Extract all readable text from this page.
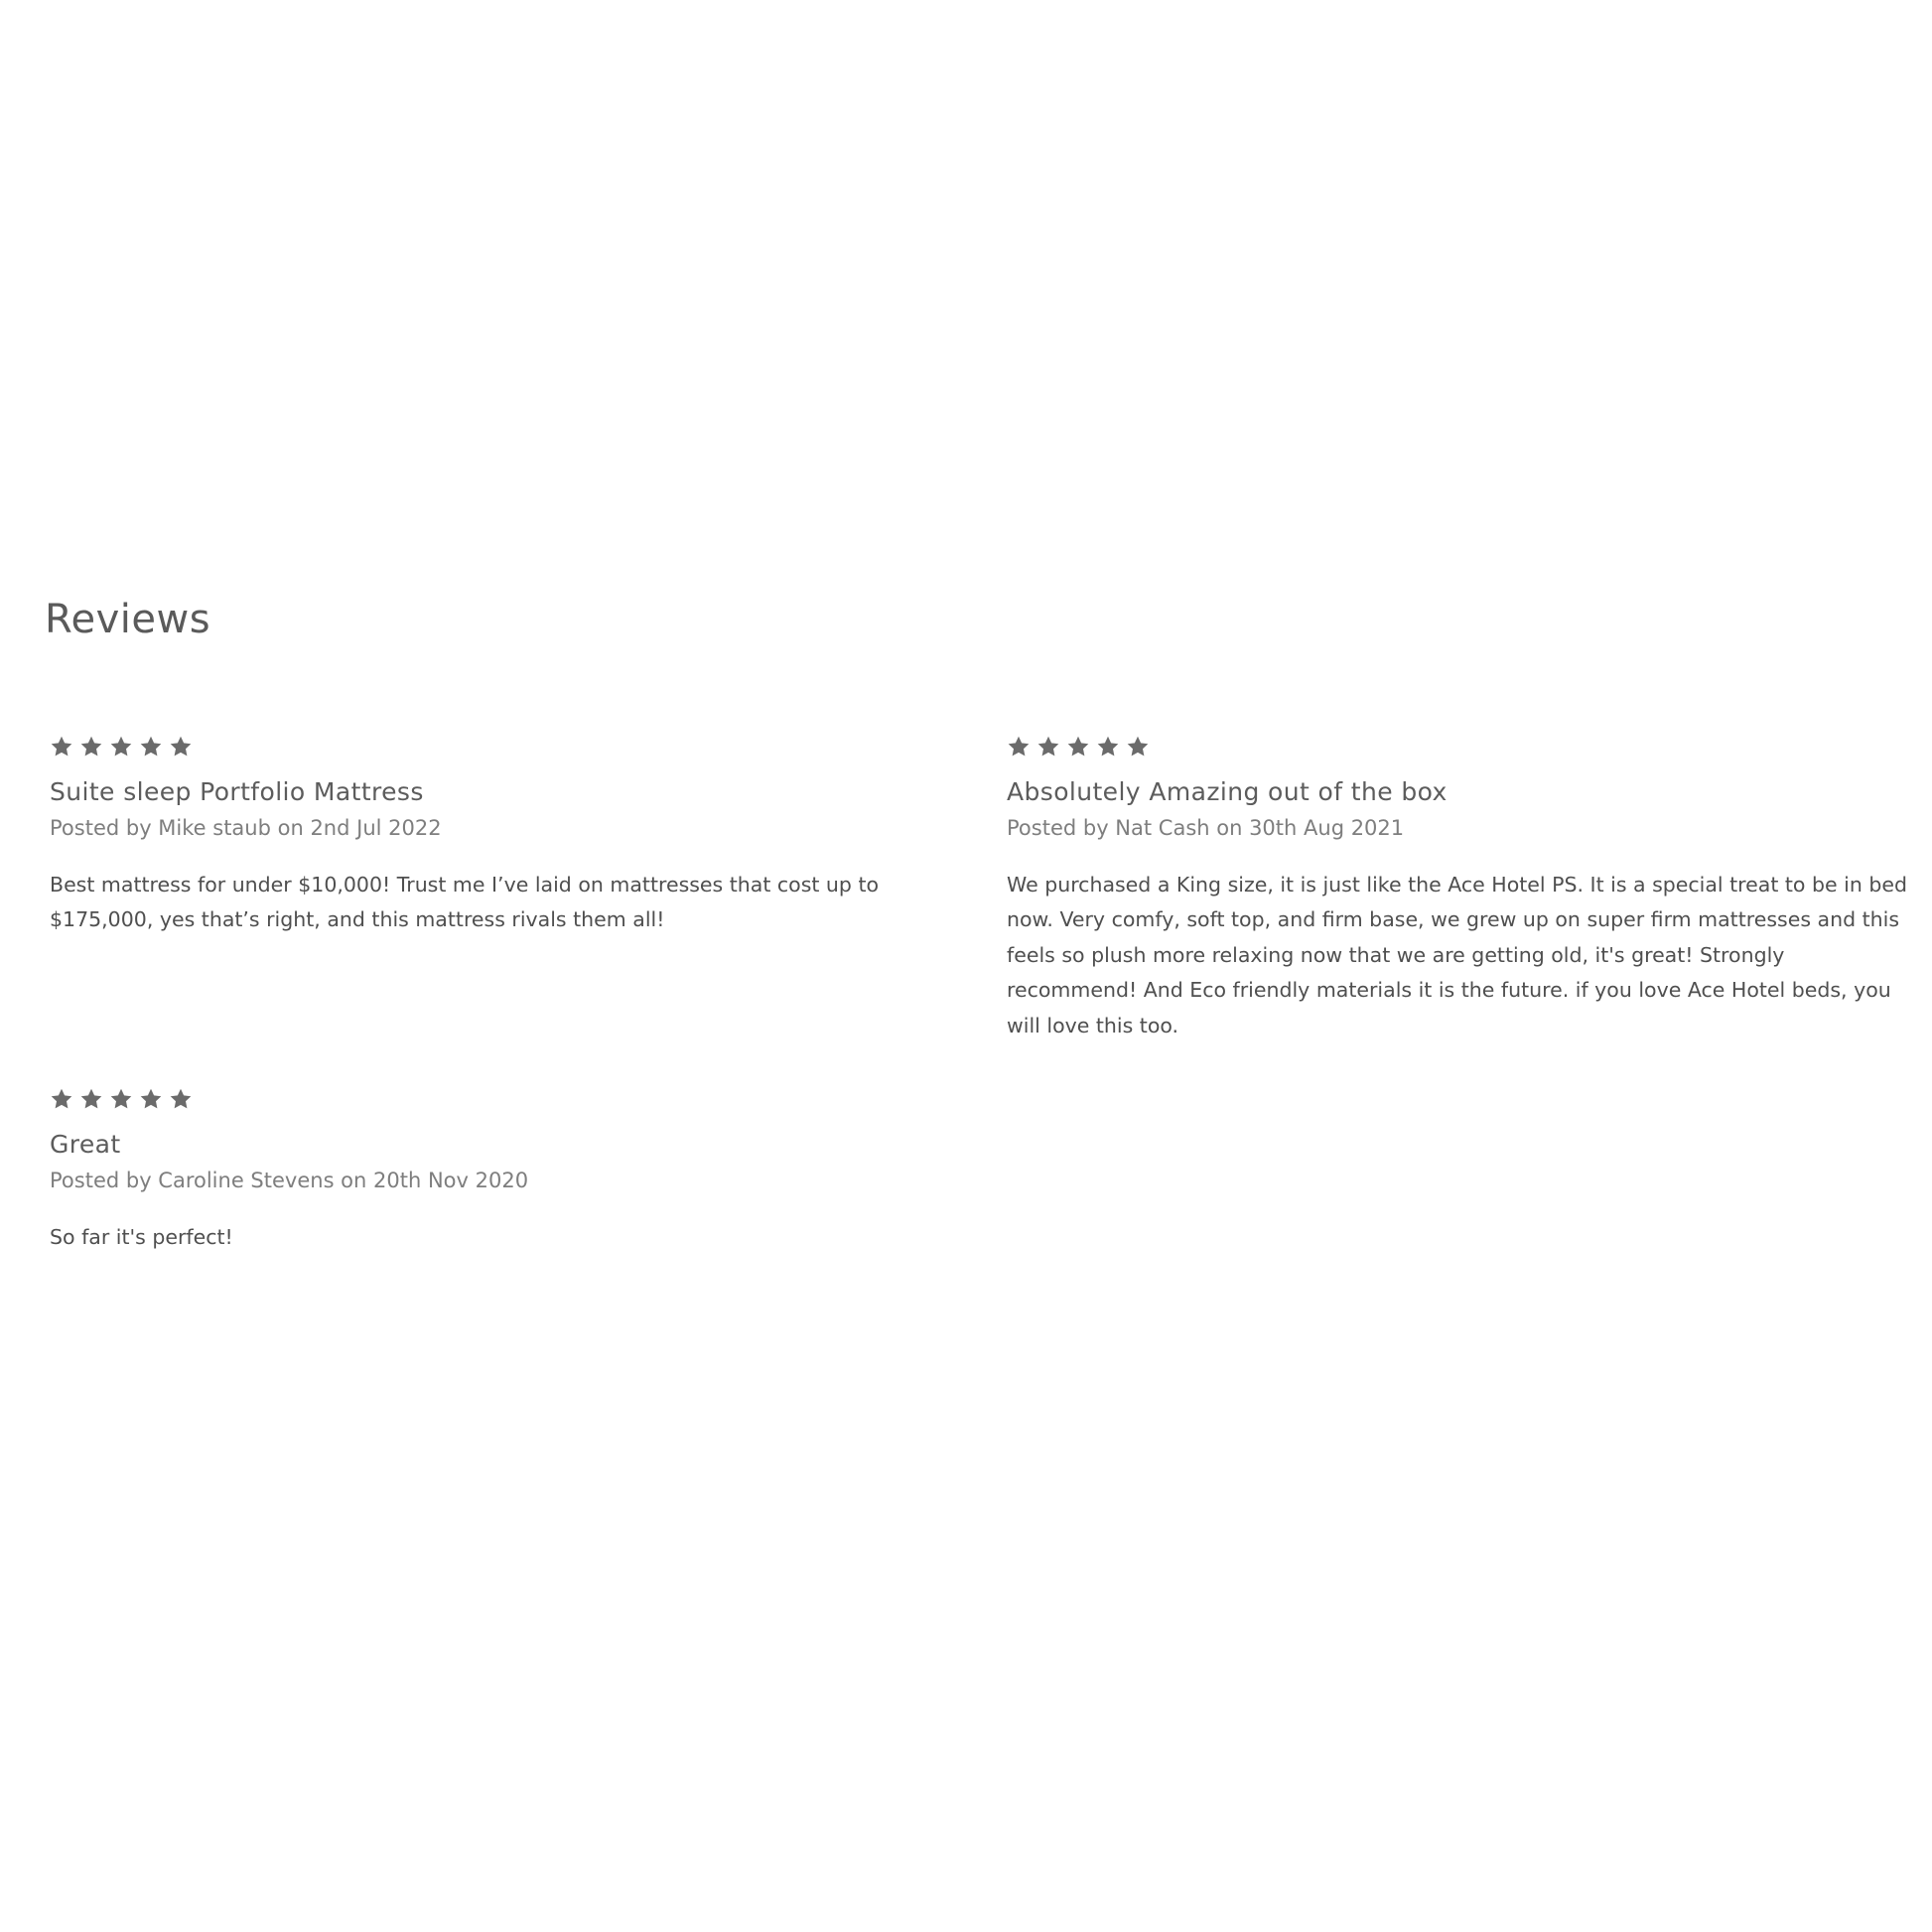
Reviews
Suite sleep Portfolio Mattress
Posted by Mike staub on 2nd Jul 2022

Best mattress for under $10,000! Trust me I’ve laid on mattresses that cost up to $175,000, yes that’s right, and this mattress rivals them all!

Absolutely Amazing out of the box
Posted by Nat Cash on 30th Aug 2021

We purchased a King size, it is just like the Ace Hotel PS. It is a special treat to be in bed now. Very comfy, soft top, and firm base, we grew up on super firm mattresses and this feels so plush more relaxing now that we are getting old, it's great! Strongly recommend! And Eco friendly materials it is the future. if you love Ace Hotel beds, you will love this too.

Great
Posted by Caroline Stevens on 20th Nov 2020

So far it's perfect!
